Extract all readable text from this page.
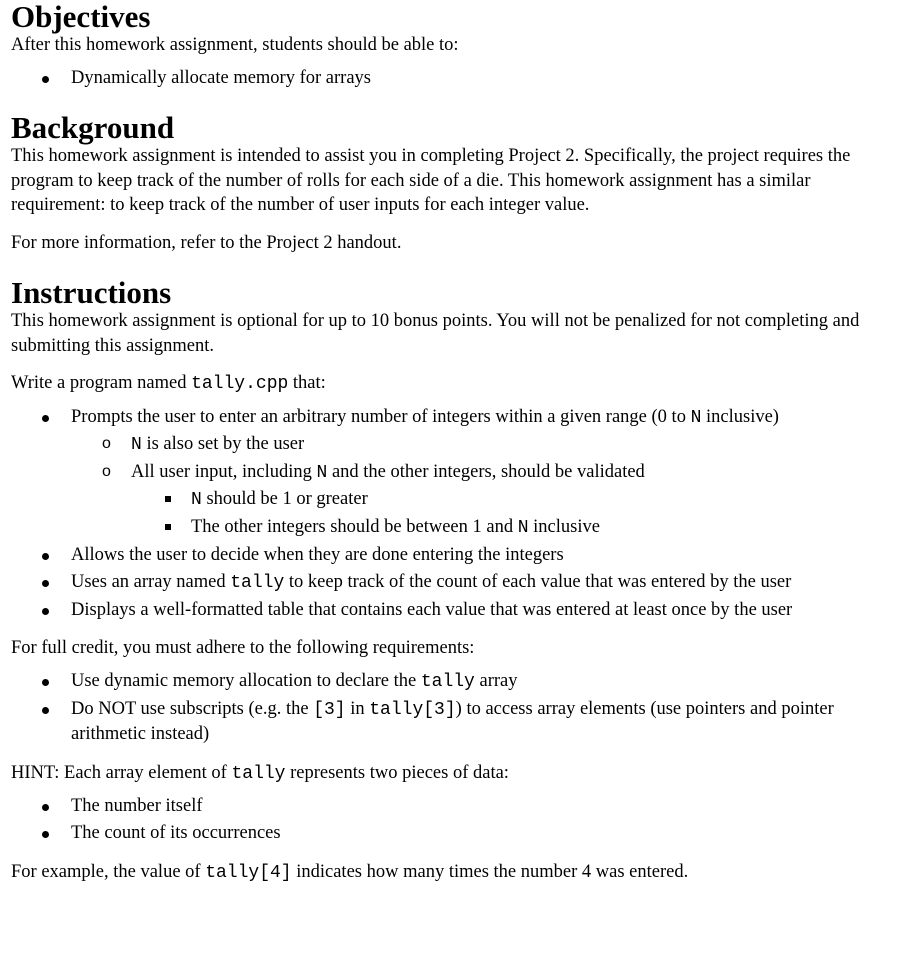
Objectives

After this homework assignment, students should be able to:

Dynamically allocate memory for arrays
Background

This homework assignment is intended to assist you in completing Project 2. Specifically, the project requires the program to keep track of the number of rolls for each side of a die. This homework assignment has a similar requirement: to keep track of the number of user inputs for each integer value.

For more information, refer to the Project 2 handout.

Instructions

This homework assignment is optional for up to 10 bonus points. You will not be penalized for not completing and submitting this assignment.

Write a program named tally.cpp that:

Prompts the user to enter an arbitrary number of integers within a given range (0 to N inclusive)
o N is also set by the user
o All user input, including N and the other integers, should be validated
N should be 1 or greater
The other integers should be between 1 and N inclusive
Allows the user to decide when they are done entering the integers
Uses an array named tally to keep track of the count of each value that was entered by the user
Displays a well-formatted table that contains each value that was entered at least once by the user

For full credit, you must adhere to the following requirements:

Use dynamic memory allocation to declare the tally array
Do NOT use subscripts (e.g. the [3] in tally[3]) to access array elements (use pointers and pointer arithmetic instead)

HINT: Each array element of tally represents two pieces of data:

The number itself
The count of its occurrences

For example, the value of tally[4] indicates how many times the number 4 was entered.
